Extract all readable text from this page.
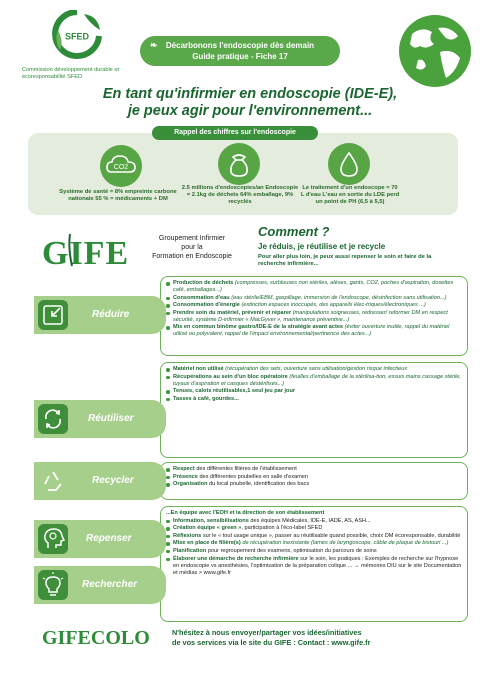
SFED
Commission développement durable et écoresponsabilité SFED
❧	Décarbonons l'endoscopie dès demain
Guide pratique - Fiche 17
En tant qu'infirmier en endoscopie (IDE-E),
je peux agir pour l'environnement...
CO2
Système de santé = 8% empreinte carbone nationale 55 % = médicaments + DM
2.5 millions d'endoscopies/an Endoscopie = 2.1kg de déchets 64% emballage, 9% recyclés
Le traitement d'un endoscope = 70 L d'eau L'eau en sortie du LDE perd un point de PH (6,5 à 5,5)
Rappel des chiffres sur l'endoscopie
GIFE	Groupement Infirmier
pour la
Formation en Endoscopie
Comment ?
Je réduis, je réutilise et je recycle
Pour aller plus loin, je peux aussi repenser le soin et faire de la recherche infirmière...
Réduire
Production de déchets (compresses, surblouses non stériles, alèses, gants, CO2, poches d'aspiration, dosettes café, emballages...)
Consommation d'eau (eau stérile/EBM, gaspillage, immersion de l'endoscope, désinfection sans utilisation...)
Consommation d'énergie (extinction espaces inoccupés, des appareils élec-triques/électroniques ...)
Prendre soin du matériel, prévenir et réparer (manipulations soigneuses, redresser/ reformer DM en respect sécurité, système D-infirmier « MacGyver », maintenance préventive...)
Mis en commun binôme gastro/IDE-E de la stratégie avant actes (éviter ouverture inutile, rappel du matériel utilisé ou polyvalent, rappel de l'impact environnemental/pertinence des actes...)
Réutiliser
Matériel non utilisé (récupération des sets, ouverture sans utilisation/gestion risque infectieux
Récupérations au sein d'un bloc opératoire (feuilles d'emballage de la stérilisa-tion, essuis mains cassage stérile, tuyaux d'aspiration et casques déstérilisés...)
Tenues, calots réutilisables,1 seul jeu par jour
Tasses à café, gourdes...
Recycler
Respect des différentes filières de l'établissement
Présence des différentes poubelles en salle d'examen
Organisation du local poubelle, identification des bacs
Repenser
Rechercher
...En équipe avec l'EOH et la direction de son établissement
Information, sensibilisations des équipes Médicales, IDE-E, IADE, AS, ASH...
Création équipe « green », participation à l'éco-label SFED
Réflexions sur le « tout usage unique », passer au réutilisable quand possible, choix DM écoresponsable, durabilité
Mise en place de filière(s) de récupération inexistante (lames de laryngoscope, câble de plaque de bistouri ...)
Planification pour regroupement des examens, optimisation du parcours de soins
Élaborer une démarche de recherche infirmière sur le soin, les pratiques : Exemples de recherche sur l'hypnose en endoscopie vs anesthésies, l'optimisation de la préparation colique ... → mémoires DIU sur le site Documentation et médias > www.gife.fr
GIFECOLO	N'hésitez à nous envoyer/partager vos idées/initiatives
de vos services via le site du GIFE : Contact : www.gife.fr
